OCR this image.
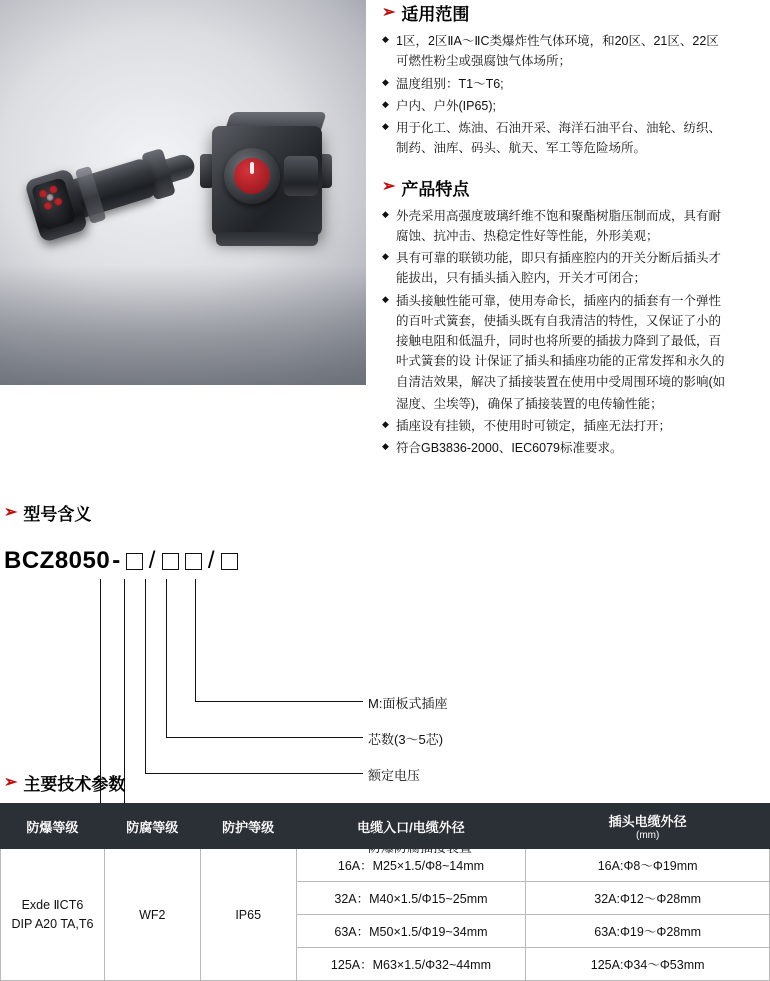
➢ 适用范围
◆ 1区，2区ⅡA～ⅡC类爆炸性气体环境，和20区、21区、22区
可燃性粉尘或强腐蚀气体场所；
◆ 温度组别：T1～T6;
◆ 户内、户外(IP65);
◆ 用于化工、炼油、石油开采、海洋石油平台、油轮、纺织、
制药、油库、码头、航天、军工等危险场所。
➢ 产品特点
◆ 外壳采用高强度玻璃纤维不饱和聚酯树脂压制而成，具有耐
腐蚀、抗冲击、热稳定性好等性能，外形美观；
◆ 具有可靠的联锁功能，即只有插座腔内的开关分断后插头才
能拔出，只有插头插入腔内，开关才可闭合；
◆ 插头接触性能可靠，使用寿命长，插座内的插套有一个弹性
的百叶式簧套，使插头既有自我清洁的特性，又保证了小的
接触电阻和低温升，同时也将所要的插拔力降到了最低，百
叶式簧套的设 计保证了插头和插座功能的正常发挥和永久的
自清洁效果，解决了插接装置在使用中受周围环境的影响(如
湿度、尘埃等)，确保了插接装置的电传输性能；
◆ 插座设有挂锁，不使用时可锁定，插座无法打开；
◆ 符合GB3836-2000、IEC6079标准要求。
➢ 型号含义
BCZ8050 - / /
M:面板式插座
芯数(3～5芯)
额定电压
➢ 主要技术参数
防爆等级	防腐等级	防护等级	电缆入口/电缆外径	插头电缆外径
(mm)

Exde ⅡCT6
DIP A20 TA,T6	WF2	IP65	16A：M25×1.5/Φ8~14mm	16A:Φ8～Φ19mm
			32A：M40×1.5/Φ15~25mm	32A:Φ12～Φ28mm
			63A：M50×1.5/Φ19~34mm	63A:Φ19～Φ28mm
			125A：M63×1.5/Φ32~44mm	125A:Φ34～Φ53mm
